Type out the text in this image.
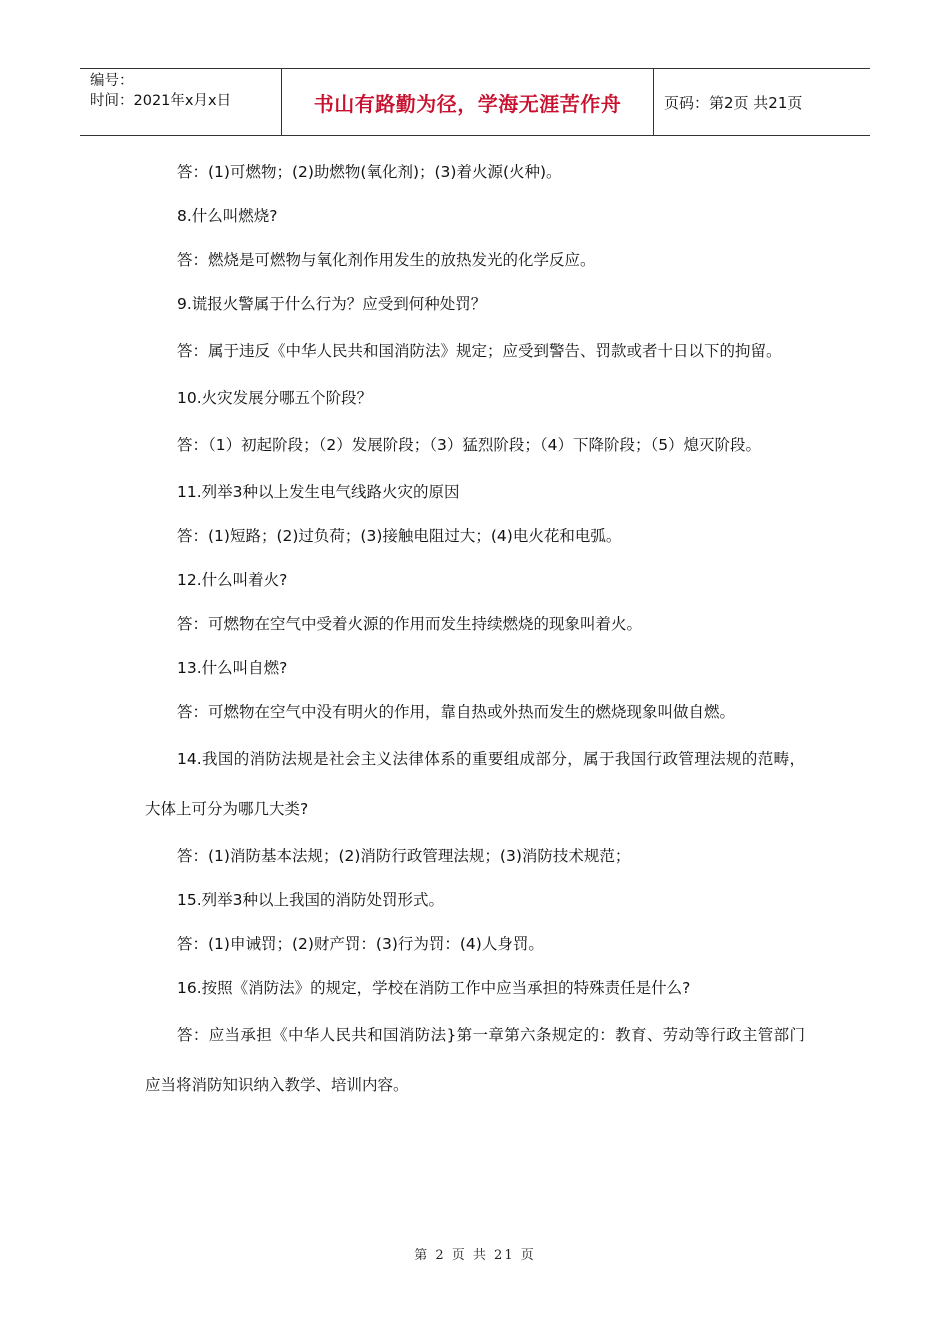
编号：
时间：2021年x月x日	书山有路勤为径，学海无涯苦作舟	页码：第2页 共21页

答：(1)可燃物；(2)助燃物(氧化剂)；(3)着火源(火种)。

8.什么叫燃烧?

答：燃烧是可燃物与氧化剂作用发生的放热发光的化学反应。

9.谎报火警属于什么行为？应受到何种处罚？

答：属于违反《中华人民共和国消防法》规定；应受到警告、罚款或者十日以下的拘留。

10.火灾发展分哪五个阶段？

答：（1）初起阶段；（2）发展阶段；（3）猛烈阶段；（4）下降阶段；（5）熄灭阶段。

11.列举3种以上发生电气线路火灾的原因

答：(1)短路；(2)过负荷；(3)接触电阻过大；(4)电火花和电弧。

12.什么叫着火?

答：可燃物在空气中受着火源的作用而发生持续燃烧的现象叫着火。

13.什么叫自燃?

答：可燃物在空气中没有明火的作用，靠自热或外热而发生的燃烧现象叫做自燃。

14.我国的消防法规是社会主义法律体系的重要组成部分，属于我国行政管理法规的范畴，大体上可分为哪几大类?

答：(1)消防基本法规；(2)消防行政管理法规；(3)消防技术规范；

15.列举3种以上我国的消防处罚形式。

答：(1)申诫罚；(2)财产罚：(3)行为罚：(4)人身罚。

16.按照《消防法》的规定，学校在消防工作中应当承担的特殊责任是什么?

答：应当承担《中华人民共和国消防法}第一章第六条规定的：教育、劳动等行政主管部门应当将消防知识纳入教学、培训内容。

第 2 页 共 21 页
